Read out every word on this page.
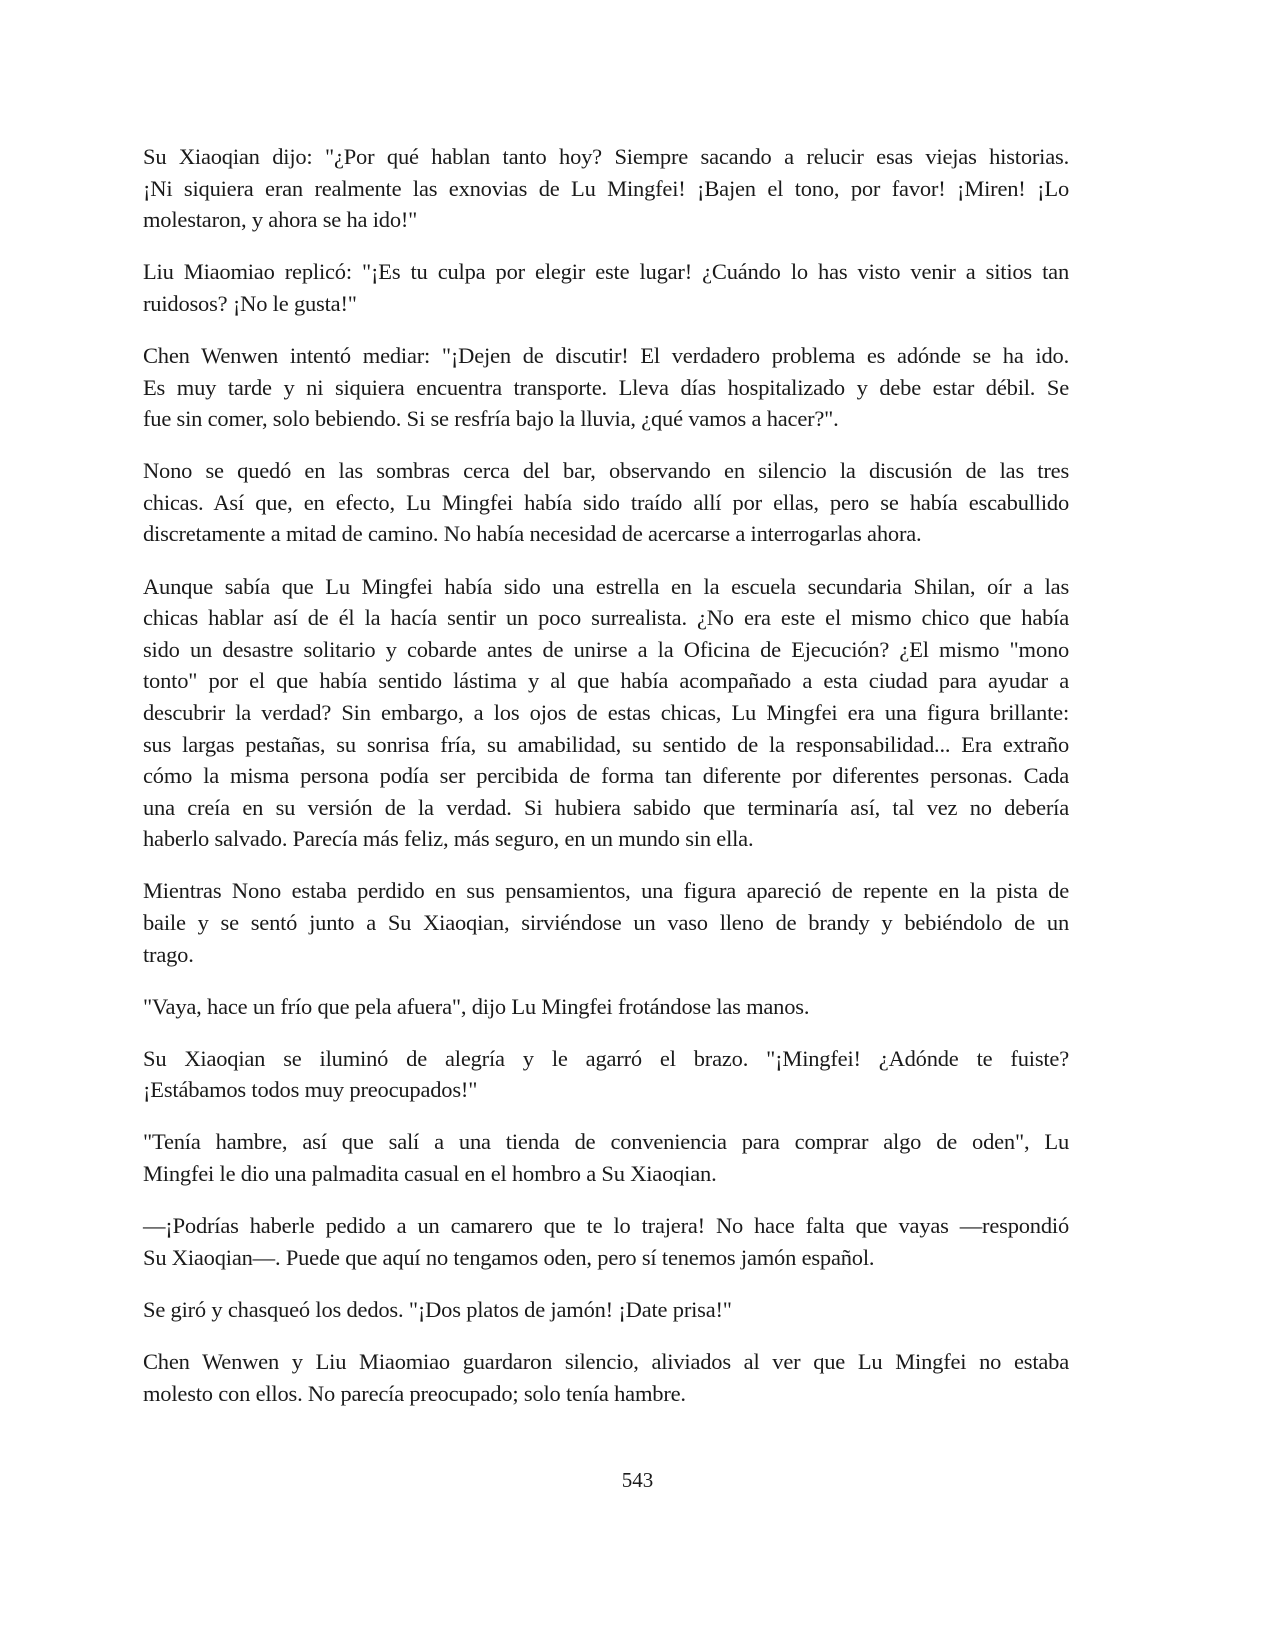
Su Xiaoqian dijo: "¿Por qué hablan tanto hoy? Siempre sacando a relucir esas viejas historias.
¡Ni siquiera eran realmente las exnovias de Lu Mingfei! ¡Bajen el tono, por favor! ¡Miren! ¡Lo
molestaron, y ahora se ha ido!"
Liu Miaomiao replicó: "¡Es tu culpa por elegir este lugar! ¿Cuándo lo has visto venir a sitios tan
ruidosos? ¡No le gusta!"
Chen Wenwen intentó mediar: "¡Dejen de discutir! El verdadero problema es adónde se ha ido.
Es muy tarde y ni siquiera encuentra transporte. Lleva días hospitalizado y debe estar débil. Se
fue sin comer, solo bebiendo. Si se resfría bajo la lluvia, ¿qué vamos a hacer?".
Nono se quedó en las sombras cerca del bar, observando en silencio la discusión de las tres
chicas. Así que, en efecto, Lu Mingfei había sido traído allí por ellas, pero se había escabullido
discretamente a mitad de camino. No había necesidad de acercarse a interrogarlas ahora.
Aunque sabía que Lu Mingfei había sido una estrella en la escuela secundaria Shilan, oír a las
chicas hablar así de él la hacía sentir un poco surrealista. ¿No era este el mismo chico que había
sido un desastre solitario y cobarde antes de unirse a la Oficina de Ejecución? ¿El mismo "mono
tonto" por el que había sentido lástima y al que había acompañado a esta ciudad para ayudar a
descubrir la verdad? Sin embargo, a los ojos de estas chicas, Lu Mingfei era una figura brillante:
sus largas pestañas, su sonrisa fría, su amabilidad, su sentido de la responsabilidad... Era extraño
cómo la misma persona podía ser percibida de forma tan diferente por diferentes personas. Cada
una creía en su versión de la verdad. Si hubiera sabido que terminaría así, tal vez no debería
haberlo salvado. Parecía más feliz, más seguro, en un mundo sin ella.
Mientras Nono estaba perdido en sus pensamientos, una figura apareció de repente en la pista de
baile y se sentó junto a Su Xiaoqian, sirviéndose un vaso lleno de brandy y bebiéndolo de un
trago.
"Vaya, hace un frío que pela afuera", dijo Lu Mingfei frotándose las manos.
Su Xiaoqian se iluminó de alegría y le agarró el brazo. "¡Mingfei! ¿Adónde te fuiste?
¡Estábamos todos muy preocupados!"
"Tenía hambre, así que salí a una tienda de conveniencia para comprar algo de oden", Lu
Mingfei le dio una palmadita casual en el hombro a Su Xiaoqian.
—¡Podrías haberle pedido a un camarero que te lo trajera! No hace falta que vayas —respondió
Su Xiaoqian—. Puede que aquí no tengamos oden, pero sí tenemos jamón español.
Se giró y chasqueó los dedos. "¡Dos platos de jamón! ¡Date prisa!"
Chen Wenwen y Liu Miaomiao guardaron silencio, aliviados al ver que Lu Mingfei no estaba
molesto con ellos. No parecía preocupado; solo tenía hambre.
543
